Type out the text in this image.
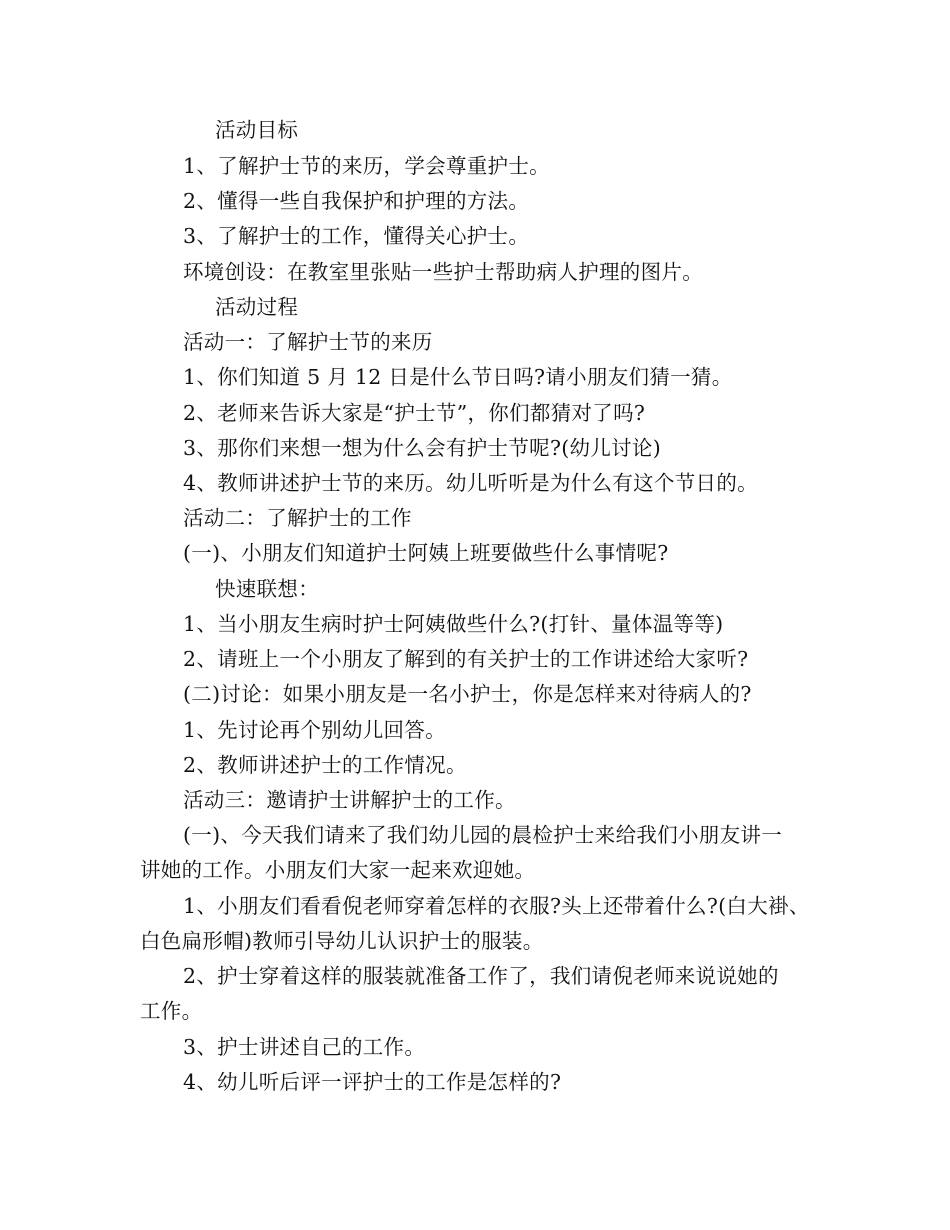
活动目标
1、了解护士节的来历，学会尊重护士。
2、懂得一些自我保护和护理的方法。
3、了解护士的工作，懂得关心护士。
环境创设：在教室里张贴一些护士帮助病人护理的图片。
活动过程
活动一：了解护士节的来历
1、你们知道 5 月 12 日是什么节日吗?请小朋友们猜一猜。
2、老师来告诉大家是“护士节”，你们都猜对了吗?
3、那你们来想一想为什么会有护士节呢?(幼儿讨论)
4、教师讲述护士节的来历。幼儿听听是为什么有这个节日的。
活动二：了解护士的工作
(一)、小朋友们知道护士阿姨上班要做些什么事情呢?
快速联想：
1、当小朋友生病时护士阿姨做些什么?(打针、量体温等等)
2、请班上一个小朋友了解到的有关护士的工作讲述给大家听?
(二)讨论：如果小朋友是一名小护士，你是怎样来对待病人的?
1、先讨论再个别幼儿回答。
2、教师讲述护士的工作情况。
活动三：邀请护士讲解护士的工作。
(一)、今天我们请来了我们幼儿园的晨检护士来给我们小朋友讲一
讲她的工作。小朋友们大家一起来欢迎她。
1、小朋友们看看倪老师穿着怎样的衣服?头上还带着什么?(白大褂、
白色扁形帽)教师引导幼儿认识护士的服装。
2、护士穿着这样的服装就准备工作了，我们请倪老师来说说她的
工作。
3、护士讲述自己的工作。
4、幼儿听后评一评护士的工作是怎样的?
